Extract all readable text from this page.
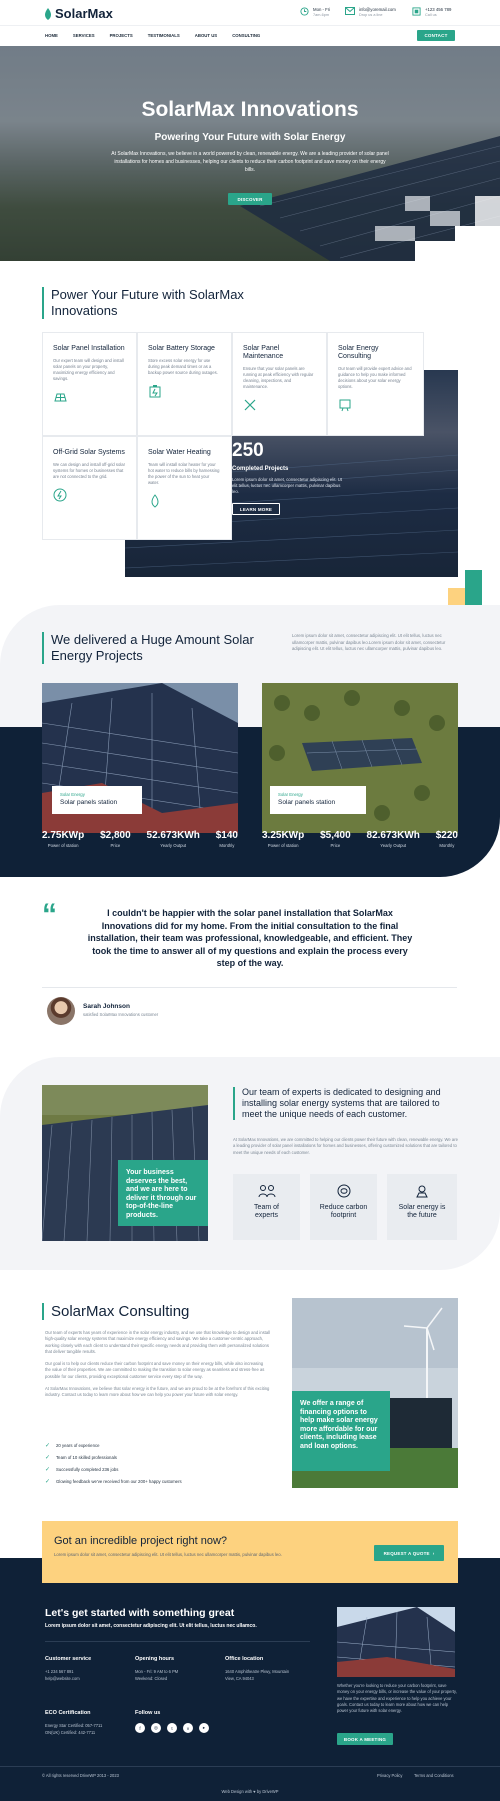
SolarMax	Mon - Fri
7am-6pm
info@yoremail.com
Drop us a line
+123 456 789
Call us
HOME	SERVICES	PROJECTS	TESTIMONIALS	ABOUT US	CONSULTING	CONTACT
SolarMax Innovations
Powering Your Future with Solar Energy
At SolarMax Innovations, we believe in a world powered by clean, renewable energy. We are a leading provider of solar panel installations for homes and businesses, helping our clients to reduce their carbon footprint and save money on their energy bills.
DISCOVER
Power Your Future with SolarMax Innovations
250
Completed Projects
Lorem ipsum dolor sit amet, consectetur adipiscing elit. Ut elit tellus, luctus nec ullamcorper mattis, pulvinar dapibus leo.
LEARN MORE
Solar Panel Installation

Our expert team will design and install solar panels on your property, maximizing energy efficiency and savings.

Solar Battery Storage

Store excess solar energy for use during peak demand times or as a backup power source during outages.

Solar Panel Maintenance

Ensure that your solar panels are running at peak efficiency with regular cleaning, inspections, and maintenance.

Solar Energy Consulting

Our team will provide expert advice and guidance to help you make informed decisions about your solar energy options.

Off-Grid Solar Systems

We can design and install off-grid solar systems for homes or businesses that are not connected to the grid.

Solar Water Heating

Team will install solar heater for your hot water to reduce bills by harnessing the power of the sun to heat your water.

We delivered a Huge Amount Solar Energy Projects
Lorem ipsum dolor sit amet, consectetur adipiscing elit. Ut elit tellus, luctus nec ullamcorper mattis, pulvinar dapibus leo.Lorem ipsum dolor sit amet, consectetur adipiscing elit. Ut elit tellus, luctus nec ullamcorper mattis, pulvinar dapibus leo.
Solar Energy
Solar panels station
Solar Energy
Solar panels station
2.75KWp
Power of station
$2,800
Price
52.673KWh
Yearly Output
$140
Monthly
3.25KWp
Power of station
$5,400
Price
82.673KWh
Yearly Output
$220
Monthly
“	I couldn't be happier with the solar panel installation that SolarMax Innovations did for my home. From the initial consultation to the final installation, their team was professional, knowledgeable, and efficient. They took the time to answer all of my questions and explain the process every step of the way.
Sarah Johnson
satisfied SolarMax Innovations customer
Your business deserves the best, and we are here to deliver it through our top-of-the-line products.
Our team of experts is dedicated to designing and installing solar energy systems that are tailored to meet the unique needs of each customer.
At SolarMax Innovations, we are committed to helping our clients power their future with clean, renewable energy. We are a leading provider of solar panel installations for homes and businesses, offering customized solutions that are tailored to meet the unique needs of each customer.
Team of experts
Reduce carbon footprint
Solar energy is the future
SolarMax Consulting

Our team of experts has years of experience in the solar energy industry, and we use that knowledge to design and install high-quality solar energy systems that maximize energy efficiency and savings. We take a customer-centric approach, working closely with each client to understand their specific energy needs and providing them with personalized solutions that deliver tangible results.

Our goal is to help our clients reduce their carbon footprint and save money on their energy bills, while also increasing the value of their properties. We are committed to making the transition to solar energy as seamless and stress-free as possible for our clients, providing exceptional customer service every step of the way.

At SolarMax Innovations, we believe that solar energy is the future, and we are proud to be at the forefront of this exciting industry. Contact us today to learn more about how we can help you power your future with solar energy.

✓ 20 years of experience
✓ Team of 10 skilled professionals
✓ Successfully completed 236 jobs
✓ Glowing feedback we've received from our 200+ happy customers
We offer a range of financing options to help make solar energy more affordable for our clients, including lease and loan options.
Got an incredible project right now?
Lorem ipsum dolor sit amet, consectetur adipiscing elit. Ut elit tellus, luctus nec ullamcorper mattis, pulvinar dapibus leo.	REQUEST A QUOTE ›
Let's get started with something great
Lorem ipsum dolor sit amet, consectetur adipiscing elit. Ut elit tellus, luctus nec ullamco.
Customer service

+1 234 567 891

help@website.com

Opening hours

Mon - Fri: 9 AM to 6 PM

Weekend: Closed

Office location

1640 Amphitheatre Pkwy, Mountain

View, CA 94043

ECO Certification

Energy Star Certified: 057-7711

ON(UK) Certified: 442-7711

Follow us
f	◎	t	v	▸

Whether you're looking to reduce your carbon footprint, save money on your energy bills, or increase the value of your property, we have the expertise and experience to help you achieve your goals. Contact us today to learn more about how we can help power your future with solar energy.

BOOK A MEETING
© All rights reserved DriveWP 2013 - 2023	Privacy Policy	Terms and Conditions
Web Design with ♥ by DriveWP
